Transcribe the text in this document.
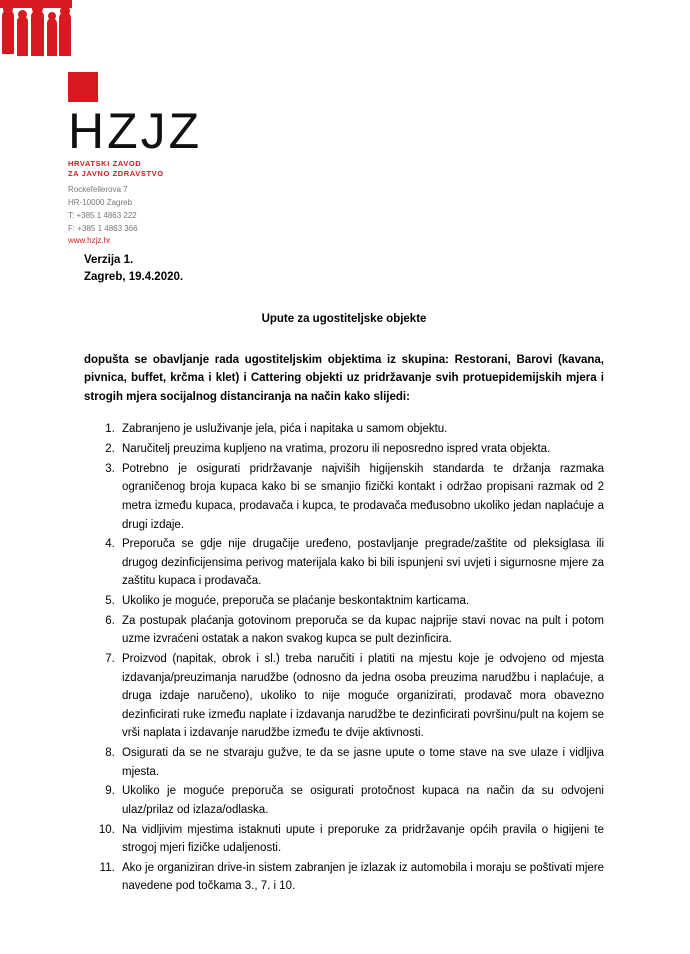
HZJZ
HRVATSKI ZAVOD
ZA JAVNO ZDRAVSTVO
Rockefellerova 7
HR-10000 Zagreb
T: +385 1 4863 222
F: +385 1 4863 366
www.hzjz.hr
Verzija 1.
Zagreb, 19.4.2020.
Upute za ugostiteljske objekte
dopušta se obavljanje rada ugostiteljskim objektima iz skupina: Restorani, Barovi (kavana, pivnica, buffet, krčma i klet) i Cattering objekti uz pridržavanje svih protuepidemijskih mjera i strogih mjera socijalnog distanciranja na način kako slijedi:
1. Zabranjeno je usluživanje jela, pića i napitaka u samom objektu.
2. Naručitelj preuzima kupljeno na vratima, prozoru ili neposredno ispred vrata objekta.
3. Potrebno je osigurati pridržavanje najviših higijenskih standarda te držanja razmaka ograničenog broja kupaca kako bi se smanjio fizički kontakt i održao propisani razmak od 2 metra između kupaca, prodavača i kupca, te prodavača međusobno ukoliko jedan naplaćuje a drugi izdaje.
4. Preporuča se gdje nije drugačije uređeno, postavljanje pregrade/zaštite od pleksiglasa ili drugog dezinficijensima perivog materijala kako bi bili ispunjeni svi uvjeti i sigurnosne mjere za zaštitu kupaca i prodavača.
5. Ukoliko je moguće, preporuča se plaćanje beskontaktnim karticama.
6. Za postupak plaćanja gotovinom preporuča se da kupac najprije stavi novac na pult i potom uzme izvraćeni ostatak a nakon svakog kupca se pult dezinficira.
7. Proizvod (napitak, obrok i sl.) treba naručiti i platiti na mjestu koje je odvojeno od mjesta izdavanja/preuzimanja narudžbe (odnosno da jedna osoba preuzima narudžbu i naplaćuje, a druga izdaje naručeno), ukoliko to nije moguće organizirati, prodavač mora obavezno dezinficirati ruke između naplate i izdavanja narudžbe te dezinficirati površinu/pult na kojem se vrši naplata i izdavanje narudžbe između te dvije aktivnosti.
8. Osigurati da se ne stvaraju gužve, te da se jasne upute o tome stave na sve ulaze i vidljiva mjesta.
9. Ukoliko je moguće preporuča se osigurati protočnost kupaca na način da su odvojeni ulaz/prilaz od izlaza/odlaska.
10. Na vidljivim mjestima istaknuti upute i preporuke za pridržavanje općih pravila o higijeni te strogoj mjeri fizičke udaljenosti.
11. Ako je organiziran drive-in sistem zabranjen je izlazak iz automobila i moraju se poštivati mjere navedene pod točkama 3., 7. i 10.
